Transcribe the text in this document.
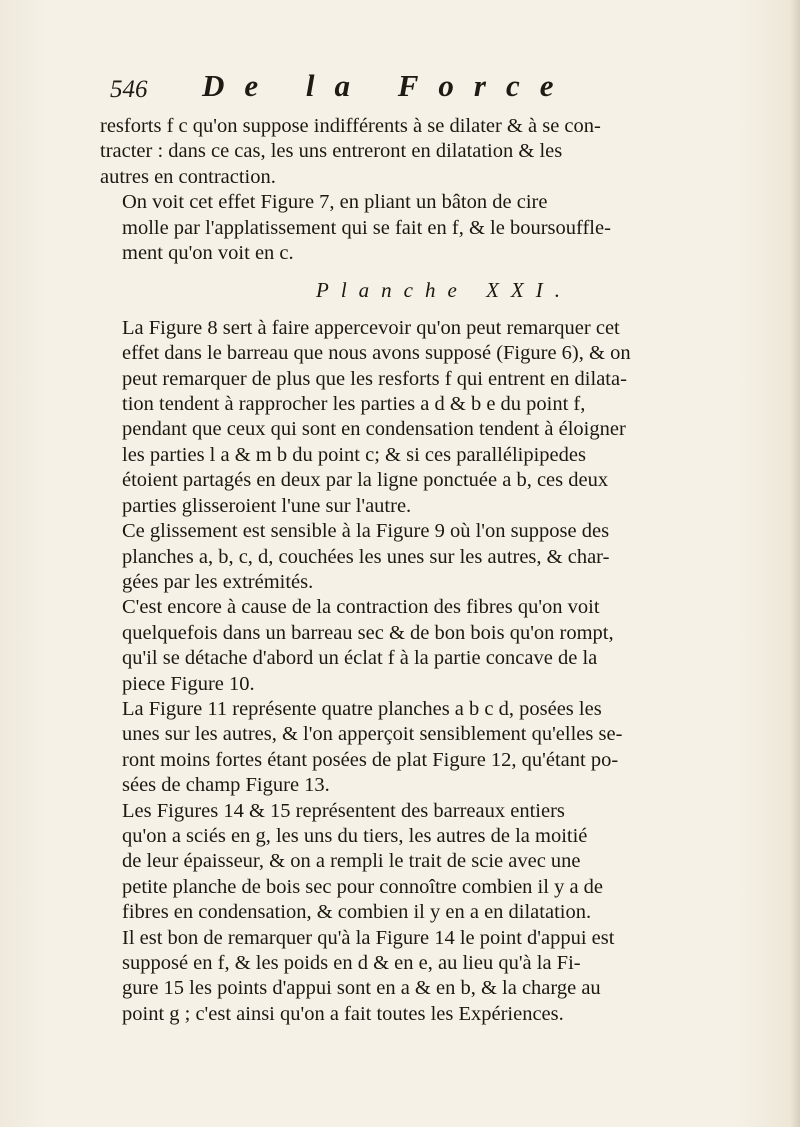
546 De la Force

resforts f c qu'on suppose indifférents à se dilater & à se con-
tracter : dans ce cas, les uns entreront en dilatation & les
autres en contraction.

On voit cet effet Figure 7, en pliant un bâton de cire
molle par l'applatissement qui se fait en f, & le boursouffle-
ment qu'on voit en c.

Planche XXI.

La Figure 8 sert à faire appercevoir qu'on peut remarquer cet
effet dans le barreau que nous avons supposé (Figure 6), & on
peut remarquer de plus que les resforts f qui entrent en dilata-
tion tendent à rapprocher les parties a d & b e du point f,
pendant que ceux qui sont en condensation tendent à éloigner
les parties l a & m b du point c; & si ces parallélipipedes
étoient partagés en deux par la ligne ponctuée a b, ces deux
parties glisseroient l'une sur l'autre.

Ce glissement est sensible à la Figure 9 où l'on suppose des
planches a, b, c, d, couchées les unes sur les autres, & char-
gées par les extrémités.

C'est encore à cause de la contraction des fibres qu'on voit
quelquefois dans un barreau sec & de bon bois qu'on rompt,
qu'il se détache d'abord un éclat f à la partie concave de la
piece Figure 10.

La Figure 11 représente quatre planches a b c d, posées les
unes sur les autres, & l'on apperçoit sensiblement qu'elles se-
ront moins fortes étant posées de plat Figure 12, qu'étant po-
sées de champ Figure 13.

Les Figures 14 & 15 représentent des barreaux entiers
qu'on a sciés en g, les uns du tiers, les autres de la moitié
de leur épaisseur, & on a rempli le trait de scie avec une
petite planche de bois sec pour connoître combien il y a de
fibres en condensation, & combien il y en a en dilatation.
Il est bon de remarquer qu'à la Figure 14 le point d'appui est
supposé en f, & les poids en d & en e, au lieu qu'à la Fi-
gure 15 les points d'appui sont en a & en b, & la charge au
point g ; c'est ainsi qu'on a fait toutes les Expériences.
